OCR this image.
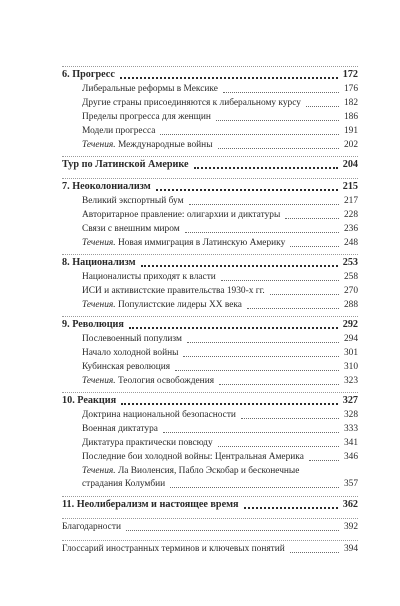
6. Прогресс	172
Либеральные реформы в Мексике	176
Другие страны присоединяются к либеральному курсу	182
Пределы прогресса для женщин	186
Модели прогресса	191
Течения. Международные войны	202
Тур по Латинской Америке	204
7. Неоколониализм	215
Великий экспортный бум	217
Авторитарное правление: олигархии и диктатуры	228
Связи с внешним миром	236
Течения. Новая иммиграция в Латинскую Америку	248
8. Национализм	253
Националисты приходят к власти	258
ИСИ и активистские правительства 1930-х гг.	270
Течения. Популистские лидеры XX века	288
9. Революция	292
Послевоенный популизм	294
Начало холодной войны	301
Кубинская революция	310
Течения. Теология освобождения	323
10. Реакция	327
Доктрина национальной безопасности	328
Военная диктатура	333
Диктатура практически повсюду	341
Последние бои холодной войны: Центральная Америка	346
Течения. Ла Виоленсия, Пабло Эскобар и бесконечные
страдания Колумбии	357
11. Неолиберализм и настоящее время	362
Благодарности	392
Глоссарий иностранных терминов и ключевых понятий	394
